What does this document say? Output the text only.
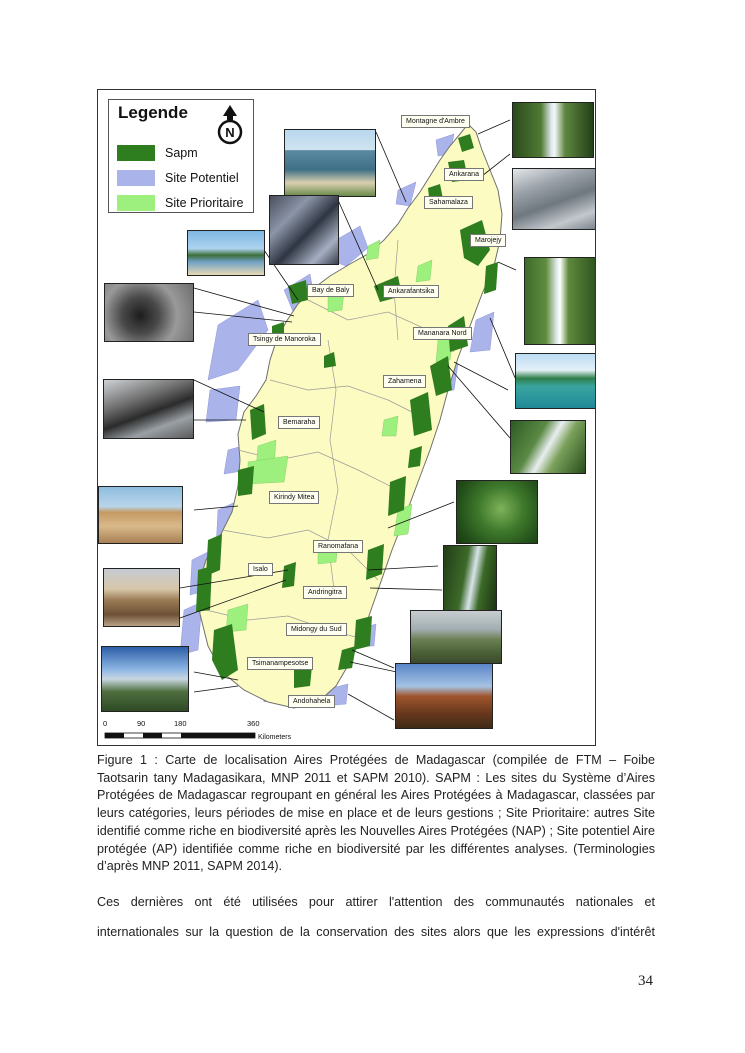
Legende
Sapm
Site Potentiel
Site Prioritaire
N
Montagne d'Ambre
Ankarana
Sahamalaza
Marojejy
Bay de Baly	Ankarafantsika
Tsingy de Manoroka
Mananara Nord
Zahamena
Bemaraha
Kirindy Mitea
Ranomafana
Isalo
Andringitra
Midongy du Sud
Tsimanampesotse
Andohahela
0	90	180	360
Kilometers
Figure 1 : Carte de localisation Aires Protégées de Madagascar (compilée de FTM – Foibe Taotsarin tany Madagasikara, MNP 2011 et SAPM 2010). SAPM : Les sites du Système d’Aires Protégées de Madagascar regroupant en général les Aires Protégées à Madagascar, classées par leurs catégories, leurs périodes de mise en place et de leurs gestions ; Site Prioritaire: autres Site identifié comme riche en biodiversité après les Nouvelles Aires Protégées (NAP) ; Site potentiel Aire protégée (AP) identifiée comme riche en biodiversité par les différentes analyses. (Terminologies d’après MNP 2011, SAPM 2014).
Ces dernières ont été utilisées pour attirer l'attention des communautés nationales et
internationales sur la question de la conservation des sites alors que les expressions d'intérêt
34
